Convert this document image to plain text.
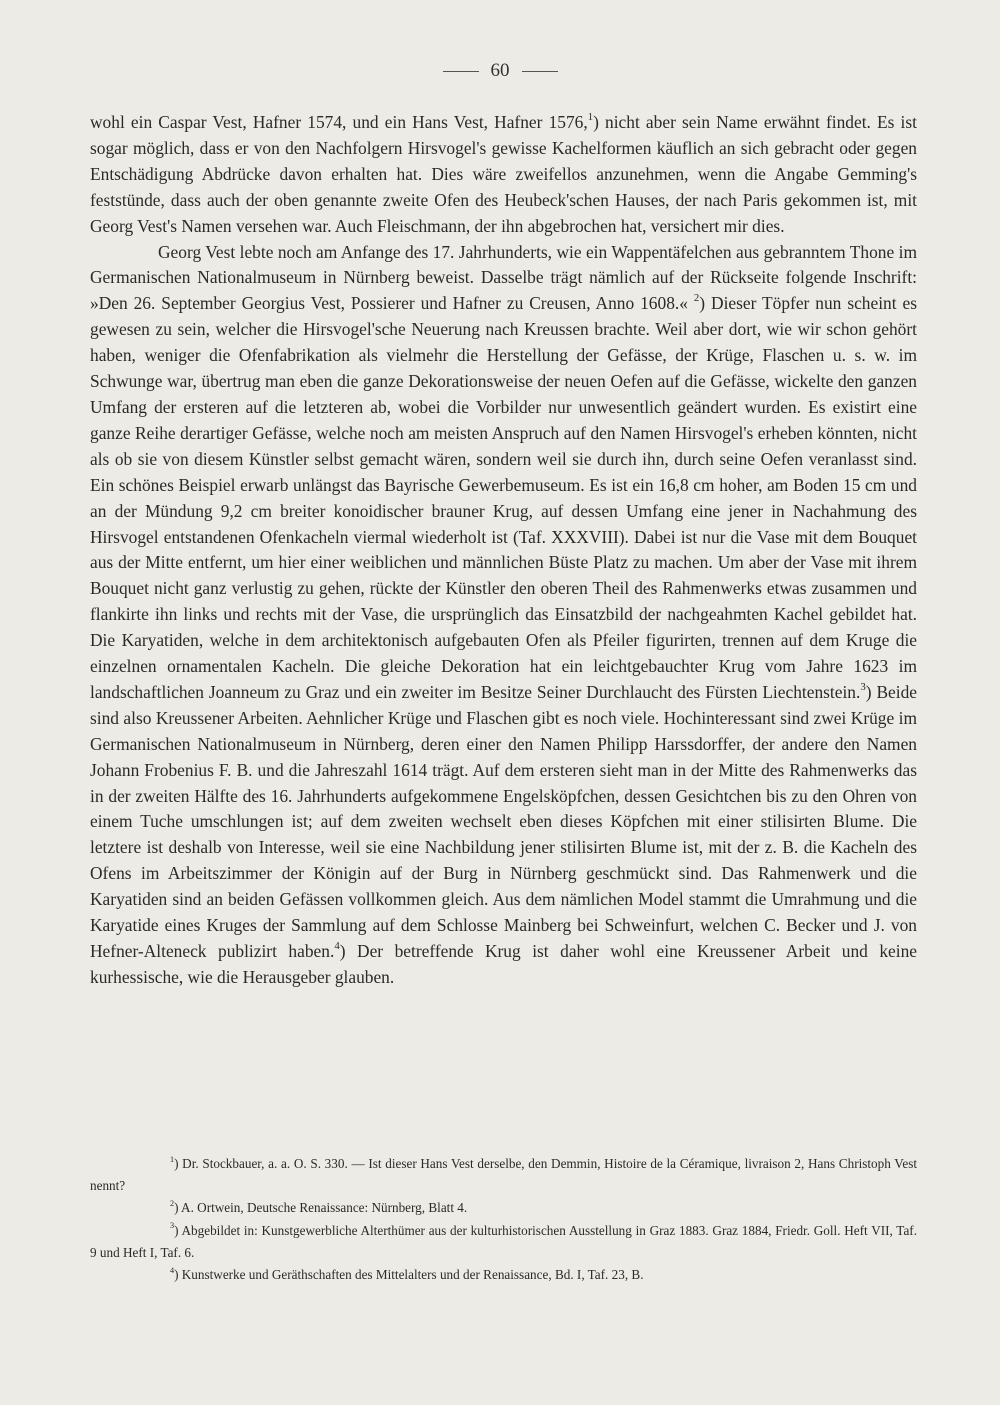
60

wohl ein Caspar Vest, Hafner 1574, und ein Hans Vest, Hafner 1576,$^1$) nicht aber sein Name erwähnt findet. Es ist sogar möglich, dass er von den Nachfolgern Hirsvogel's gewisse Kachelformen käuflich an sich gebracht oder gegen Entschädigung Abdrücke davon erhalten hat. Dies wäre zweifellos anzunehmen, wenn die Angabe Gemming's feststünde, dass auch der oben genannte zweite Ofen des Heubeck'schen Hauses, der nach Paris gekommen ist, mit Georg Vest's Namen versehen war. Auch Fleischmann, der ihn abgebrochen hat, versichert mir dies.

Georg Vest lebte noch am Anfange des 17. Jahrhunderts, wie ein Wappentäfelchen aus gebranntem Thone im Germanischen Nationalmuseum in Nürnberg beweist. Dasselbe trägt nämlich auf der Rückseite folgende Inschrift: »Den 26. September Georgius Vest, Possierer und Hafner zu Creusen, Anno 1608.« $^2$) Dieser Töpfer nun scheint es gewesen zu sein, welcher die Hirsvogel'sche Neuerung nach Kreussen brachte. Weil aber dort, wie wir schon gehört haben, weniger die Ofenfabrikation als vielmehr die Herstellung der Gefässe, der Krüge, Flaschen u. s. w. im Schwunge war, übertrug man eben die ganze Dekorationsweise der neuen Oefen auf die Gefässe, wickelte den ganzen Umfang der ersteren auf die letzteren ab, wobei die Vorbilder nur unwesentlich geändert wurden. Es existirt eine ganze Reihe derartiger Gefässe, welche noch am meisten Anspruch auf den Namen Hirsvogel's erheben könnten, nicht als ob sie von diesem Künstler selbst gemacht wären, sondern weil sie durch ihn, durch seine Oefen veranlasst sind. Ein schönes Beispiel erwarb unlängst das Bayrische Gewerbemuseum. Es ist ein 16,8 cm hoher, am Boden 15 cm und an der Mündung 9,2 cm breiter konoidischer brauner Krug, auf dessen Umfang eine jener in Nachahmung des Hirsvogel entstandenen Ofenkacheln viermal wiederholt ist (Taf. XXXVIII). Dabei ist nur die Vase mit dem Bouquet aus der Mitte entfernt, um hier einer weiblichen und männlichen Büste Platz zu machen. Um aber der Vase mit ihrem Bouquet nicht ganz verlustig zu gehen, rückte der Künstler den oberen Theil des Rahmenwerks etwas zusammen und flankirte ihn links und rechts mit der Vase, die ursprünglich das Einsatzbild der nachgeahmten Kachel gebildet hat. Die Karyatiden, welche in dem architektonisch aufgebauten Ofen als Pfeiler figurirten, trennen auf dem Kruge die einzelnen ornamentalen Kacheln. Die gleiche Dekoration hat ein leichtgebauchter Krug vom Jahre 1623 im landschaftlichen Joanneum zu Graz und ein zweiter im Besitze Seiner Durchlaucht des Fürsten Liechtenstein.$^3$) Beide sind also Kreussener Arbeiten. Aehnlicher Krüge und Flaschen gibt es noch viele. Hochinteressant sind zwei Krüge im Germanischen Nationalmuseum in Nürnberg, deren einer den Namen Philipp Harssdorffer, der andere den Namen Johann Frobenius F. B. und die Jahreszahl 1614 trägt. Auf dem ersteren sieht man in der Mitte des Rahmenwerks das in der zweiten Hälfte des 16. Jahrhunderts aufgekommene Engelsköpfchen, dessen Gesichtchen bis zu den Ohren von einem Tuche umschlungen ist; auf dem zweiten wechselt eben dieses Köpfchen mit einer stilisirten Blume. Die letztere ist deshalb von Interesse, weil sie eine Nachbildung jener stilisirten Blume ist, mit der z. B. die Kacheln des Ofens im Arbeitszimmer der Königin auf der Burg in Nürnberg geschmückt sind. Das Rahmenwerk und die Karyatiden sind an beiden Gefässen vollkommen gleich. Aus dem nämlichen Model stammt die Umrahmung und die Karyatide eines Kruges der Sammlung auf dem Schlosse Mainberg bei Schweinfurt, welchen C. Becker und J. von Hefner-Alteneck publizirt haben.$^4$) Der betreffende Krug ist daher wohl eine Kreussener Arbeit und keine kurhessische, wie die Herausgeber glauben.

$^1$) Dr. Stockbauer, a. a. O. S. 330. — Ist dieser Hans Vest derselbe, den Demmin, Histoire de la Céramique, livraison 2, Hans Christoph Vest nennt?

$^2$) A. Ortwein, Deutsche Renaissance: Nürnberg, Blatt 4.

$^3$) Abgebildet in: Kunstgewerbliche Alterthümer aus der kulturhistorischen Ausstellung in Graz 1883. Graz 1884, Friedr. Goll. Heft VII, Taf. 9 und Heft I, Taf. 6.

$^4$) Kunstwerke und Geräthschaften des Mittelalters und der Renaissance, Bd. I, Taf. 23, B.
